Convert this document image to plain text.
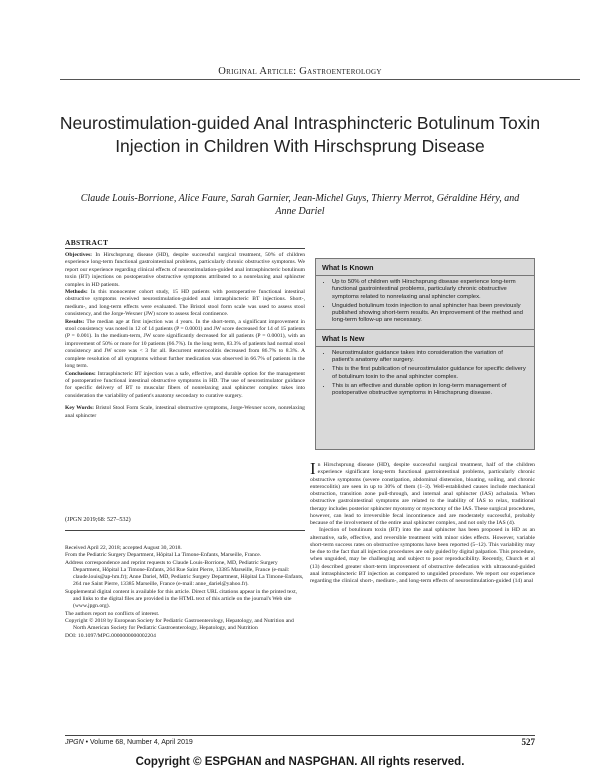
Original Article: Gastroenterology
Neurostimulation-guided Anal Intrasphincteric Botulinum Toxin Injection in Children With Hirschsprung Disease
Claude Louis-Borrione, Alice Faure, Sarah Garnier, Jean-Michel Guys, Thierry Merrot, Géraldine Héry, and Anne Dariel
ABSTRACT

Objectives: In Hirschsprung disease (HD), despite successful surgical treatment, 50% of children experience long-term functional gastrointestinal problems, particularly chronic obstructive symptoms. We report our experience regarding clinical effects of neurostimulation-guided anal intrasphincteric botulinum toxin (BT) injections on postoperative obstructive symptoms attributed to a nonrelaxing anal sphincter complex in HD patients.

Methods: In this monocenter cohort study, 15 HD patients with postoperative functional intestinal obstructive symptoms received neurostimulation-guided anal intrasphincteric BT injections. Short-, medium-, and long-term effects were evaluated. The Bristol stool form scale was used to assess stool consistency, and the Jorge-Wexner (JW) score to assess fecal continence.

Results: The median age at first injection was 4 years. In the short-term, a significant improvement in stool consistency was noted in 12 of 14 patients (P = 0.0001) and JW score decreased for 14 of 15 patients (P = 0.001). In the medium-term, JW score significantly decreased for all patients (P = 0.0001), with an improvement of 50% or more for 10 patients (66.7%). In the long term, 83.3% of patients had normal stool consistency and JW score was < 3 for all. Recurrent enterocolitis decreased from 86.7% to 8.3%. A complete resolution of all symptoms without further medication was observed in 66.7% of patients in the long term.

Conclusions: Intrasphincteric BT injection was a safe, effective, and durable option for the management of postoperative functional intestinal obstructive symptoms in HD. The use of neurostimulator guidance for specific delivery of BT to muscular fibers of nonrelaxing anal sphincter complex takes into consideration the variability of patient's anatomy secondary to curative surgery.

Key Words: Bristol Stool Form Scale, intestinal obstructive symptoms, Jorge-Wexner score, nonrelaxing anal sphincter

(JPGN 2019;68: 527–532)

Received April 22, 2018; accepted August 30, 2018.

From the Pediatric Surgery Department, Hôpital La Timone-Enfants, Marseille, France.

Address correspondence and reprint requests to Claude Louis-Borrione, MD, Pediatric Surgery Department, Hôpital La Timone-Enfants, 264 Rue Saint Pierre, 13385 Marseille, France (e-mail: claude.louis@ap-hm.fr); Anne Dariel, MD, Pediatric Surgery Department, Hôpital La Timone-Enfants, 264 rue Saint Pierre, 13385 Marseille, France (e-mail: anne_dariel@yahoo.fr).

Supplemental digital content is available for this article. Direct URL citations appear in the printed text, and links to the digital files are provided in the HTML text of this article on the journal's Web site (www.jpgn.org).

The authors report no conflicts of interest.

Copyright © 2018 by European Society for Pediatric Gastroenterology, Hepatology, and Nutrition and North American Society for Pediatric Gastroenterology, Hepatology, and Nutrition

DOI: 10.1097/MPG.0000000000002204

What Is Known
• Up to 50% of children with Hirschsprung disease experience long-term functional gastrointestinal problems, particularly chronic obstructive symptoms related to nonrelaxing anal sphincter complex.
• Unguided botulinum toxin injection to anal sphincter has been previously published showing short-term results. An improvement of the method and long-term follow-up are necessary.
What Is New
• Neurostimulator guidance takes into consideration the variation of patient's anatomy after surgery.
• This is the first publication of neurostimulator guidance for specific delivery of botulinum toxin to the anal sphincter complex.
• This is an effective and durable option in long-term management of postoperative obstructive symptoms in Hirschsprung disease.

In Hirschsprung disease (HD), despite successful surgical treatment, half of the children experience significant long-term functional gastrointestinal problems, particularly chronic obstructive symptoms (severe constipation, abdominal distension, bloating, soiling, and chronic enterocolitis) are seen in up to 30% of them (1–3). Well-established causes include mechanical obstruction, transition zone pull-through, and internal anal sphincter (IAS) achalasia. When obstructive gastrointestinal symptoms are related to the inability of IAS to relax, traditional therapy includes posterior sphincter myotomy or myectomy of the IAS. These surgical procedures, however, can lead to irreversible fecal incontinence and are moderately successful, probably because of the involvement of the entire anal sphincter complex, and not only the IAS (4).

Injection of botulinum toxin (BT) into the anal sphincter has been proposed in HD as an alternative, safe, effective, and reversible treatment with minor sides effects. However, variable short-term success rates on obstructive symptoms have been reported (5–12). This variability may be due to the fact that all injection procedures are only guided by digital palpation. This procedure, when unguided, may be challenging and subject to poor reproducibility. Recently, Church et al (13) described greater short-term improvement of obstructive defecation with ultrasound-guided anal intrasphincteric BT injection as compared to unguided procedure. We report our experience regarding the clinical short-, medium-, and long-term effects of neurostimulation-guided (14) anal

JPGN • Volume 68, Number 4, April 2019	527
Copyright © ESPGHAN and NASPGHAN. All rights reserved.
